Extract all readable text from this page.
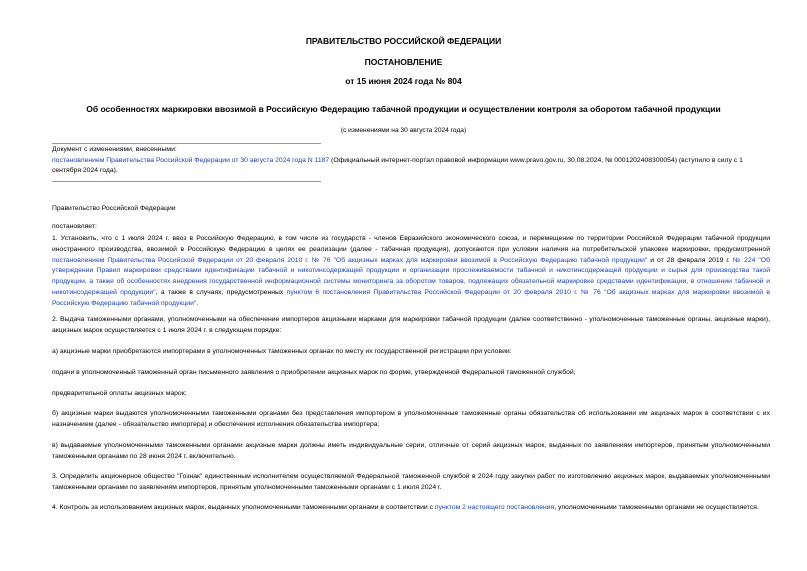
ПРАВИТЕЛЬСТВО РОССИЙСКОЙ ФЕДЕРАЦИИ
ПОСТАНОВЛЕНИЕ
от 15 июня 2024 года № 804
Об особенностях маркировки ввозимой в Российскую Федерацию табачной продукции и осуществлении контроля за оборотом табачной продукции
(с изменениями на 30 августа 2024 года)
Документ с изменениями, внесенными:
постановлением Правительства Российской Федерации от 30 августа 2024 года N 1187 (Официальный интернет-портал правовой информации www.pravo.gov.ru, 30.08.2024, № 0001202408300054) (вступило в силу с 1 сентября 2024 года).
Правительство Российской Федерации
постановляет:
1. Установить, что с 1 июля 2024 г. ввоз в Российскую Федерацию, в том числе из государств - членов Евразийского экономического союза, и перемещение по территории Российской Федерации табачной продукции иностранного производства, ввозимой в Российскую Федерацию в целях ее реализации (далее - табачная продукция), допускаются при условии наличия на потребительской упаковке маркировки, предусмотренной постановлением Правительства Российской Федерации от 20 февраля 2010 г. № 76 "Об акцизных марках для маркировки ввозимой в Российскую Федерацию табачной продукции" и от 28 февраля 2019 г. № 224 "Об утверждении Правил маркировки средствами идентификации табачной и никотинсодержащей продукции и организации прослеживаемости табачной и никотинсодержащей продукции и сырья для производства такой продукции, а также об особенностях внедрения государственной информационной системы мониторинга за оборотом товаров, подлежащих обязательной маркировке средствами идентификации, в отношении табачной и никотинсодержащей продукции", а также в случаях, предусмотренных пунктом 6 постановления Правительства Российской Федерации от 20 февраля 2010 г. № 76 "Об акцизных марках для маркировки ввозимой в Российскую Федерацию табачной продукции".
2. Выдача таможенными органами, уполномоченными на обеспечение импортеров акцизными марками для маркировки табачной продукции (далее соответственно - уполномоченные таможенные органы, акцизные марки), акцизных марок осуществляется с 1 июля 2024 г. в следующем порядке:
а) акцизные марки приобретаются импортерами в уполномоченных таможенных органах по месту их государственной регистрации при условии:
подачи в уполномоченный таможенный орган письменного заявления о приобретении акцизных марок по форме, утвержденной Федеральной таможенной службой;
предварительной оплаты акцизных марок;
б) акцизные марки выдаются уполномоченными таможенными органами без представления импортером в уполномоченные таможенные органы обязательства об использовании им акцизных марок в соответствии с их назначением (далее - обязательство импортера) и обеспечения исполнения обязательства импортера;
в) выдаваемые уполномоченными таможенными органами акцизные марки должны иметь индивидуальные серии, отличные от серий акцизных марок, выданных по заявлениям импортеров, принятым уполномоченными таможенными органами по 28 июня 2024 г. включительно.
3. Определить акционерное общество "Гознак" единственным исполнителем осуществляемой Федеральной таможенной службой в 2024 году закупки работ по изготовлению акцизных марок, выдаваемых уполномоченными таможенными органами по заявлениям импортеров, принятым уполномоченными таможенными органами с 1 июля 2024 г.
4. Контроль за использованием акцизных марок, выданных уполномоченными таможенными органами в соответствии с пунктом 2 настоящего постановления, уполномоченными таможенными органами не осуществляется.
